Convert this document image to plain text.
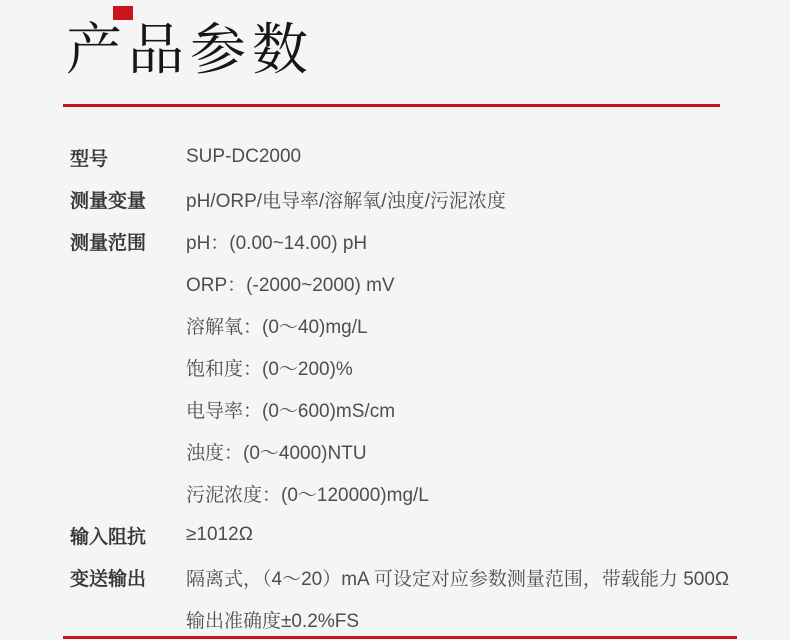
产品参数
型号	SUP-DC2000
测量变量	pH/ORP/电导率/溶解氧/浊度/污泥浓度
测量范围	pH：(0.00~14.00) pH
ORP：(-2000~2000) mV
溶解氧：(0～40)mg/L
饱和度：(0～200)%
电导率：(0～600)mS/cm
浊度：(0～4000)NTU
污泥浓度：(0～120000)mg/L
输入阻抗	≥1012Ω
变送输出	隔离式，（4～20）mA 可设定对应参数测量范围，带载能力 500Ω
输出准确度±0.2%FS
